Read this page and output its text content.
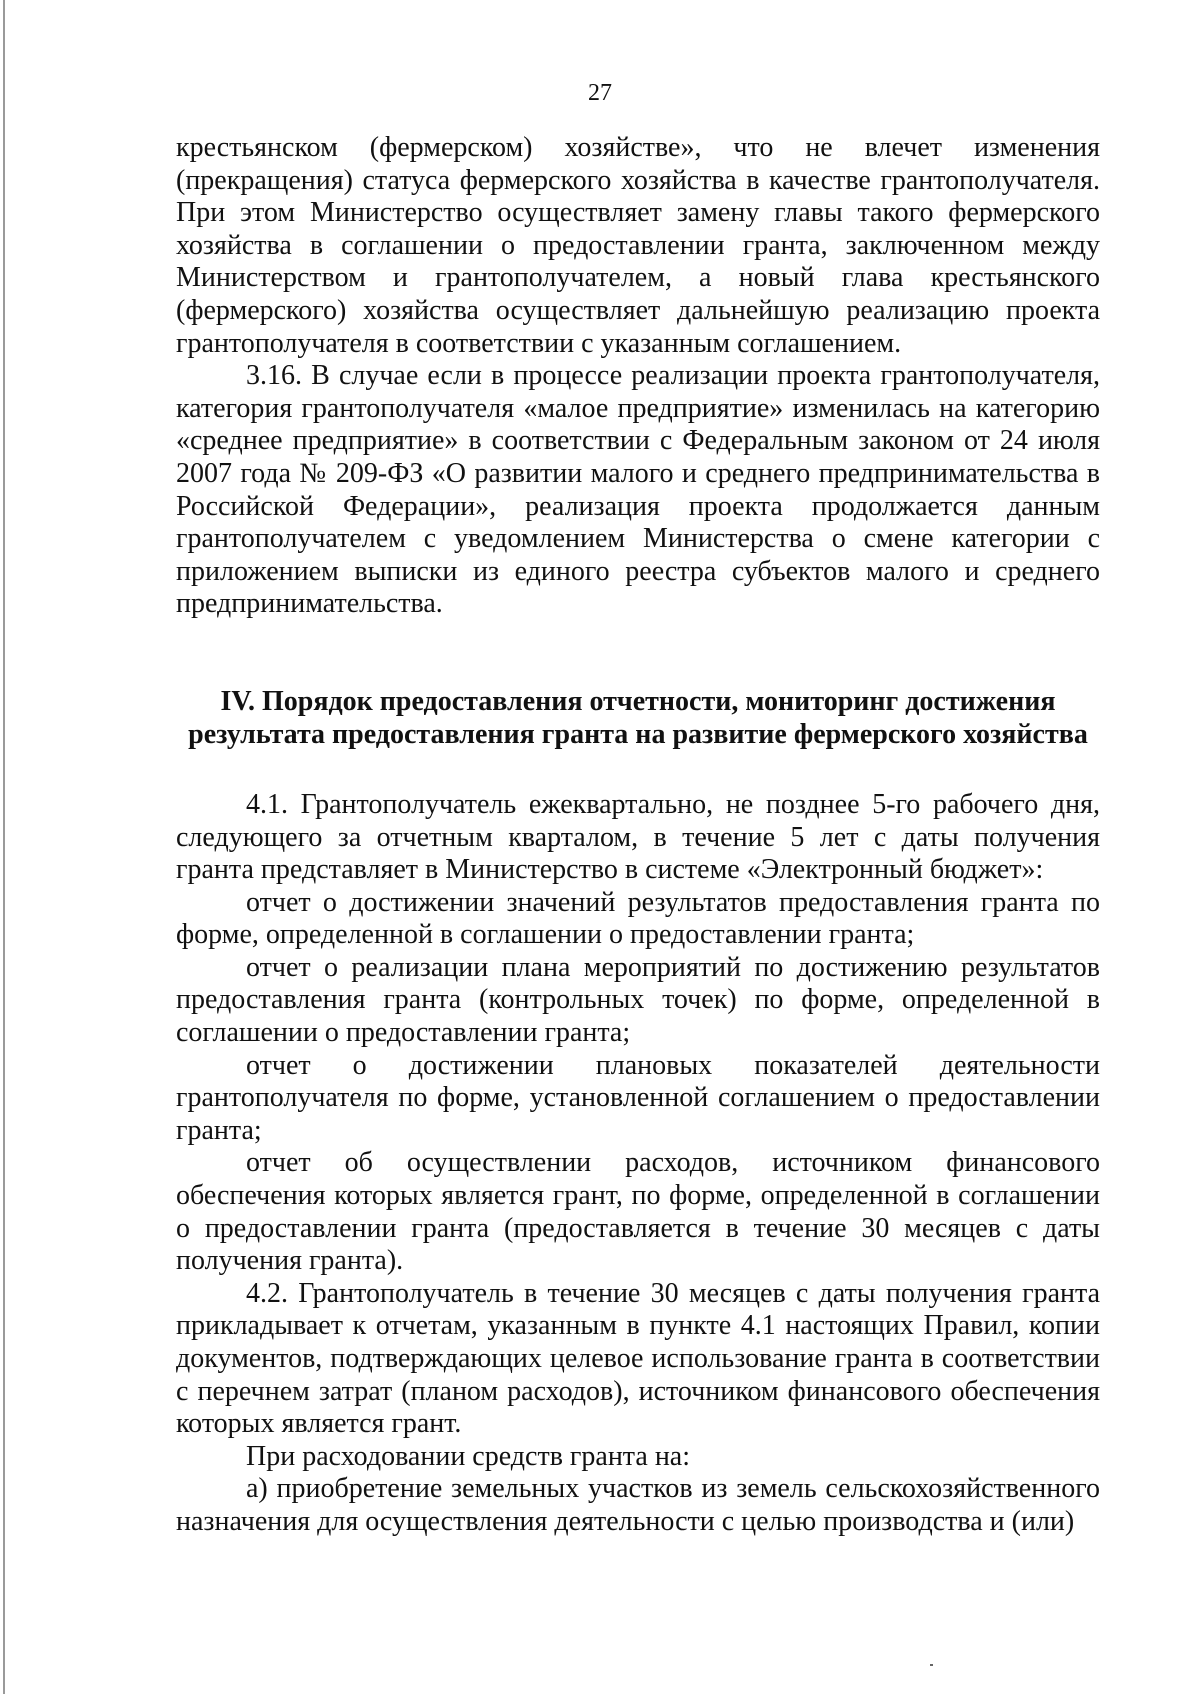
27

крестьянском (фермерском) хозяйстве», что не влечет изменения (прекращения) статуса фермерского хозяйства в качестве грантополучателя. При этом Министерство осуществляет замену главы такого фермерского хозяйства в соглашении о предоставлении гранта, заключенном между Министерством и грантополучателем, а новый глава крестьянского (фермерского) хозяйства осуществляет дальнейшую реализацию проекта грантополучателя в соответствии с указанным соглашением.

3.16. В случае если в процессе реализации проекта грантополучателя, категория грантополучателя «малое предприятие» изменилась на категорию «среднее предприятие» в соответствии с Федеральным законом от 24 июля 2007 года № 209-ФЗ «О развитии малого и среднего предпринимательства в Российской Федерации», реализация проекта продолжается данным грантополучателем с уведомлением Министерства о смене категории с приложением выписки из единого реестра субъектов малого и среднего предпринимательства.

IV. Порядок предоставления отчетности, мониторинг достижения
результата предоставления гранта на развитие фермерского хозяйства

4.1. Грантополучатель ежеквартально, не позднее 5-го рабочего дня, следующего за отчетным кварталом, в течение 5 лет с даты получения гранта представляет в Министерство в системе «Электронный бюджет»:

отчет о достижении значений результатов предоставления гранта по форме, определенной в соглашении о предоставлении гранта;

отчет о реализации плана мероприятий по достижению результатов предоставления гранта (контрольных точек) по форме, определенной в соглашении о предоставлении гранта;

отчет о достижении плановых показателей деятельности грантополучателя по форме, установленной соглашением о предоставлении гранта;

отчет об осуществлении расходов, источником финансового обеспечения которых является грант, по форме, определенной в соглашении о предоставлении гранта (предоставляется в течение 30 месяцев с даты получения гранта).

4.2. Грантополучатель в течение 30 месяцев с даты получения гранта прикладывает к отчетам, указанным в пункте 4.1 настоящих Правил, копии документов, подтверждающих целевое использование гранта в соответствии с перечнем затрат (планом расходов), источником финансового обеспечения которых является грант.

При расходовании средств гранта на:

а) приобретение земельных участков из земель сельскохозяйственного назначения для осуществления деятельности с целью производства и (или)
